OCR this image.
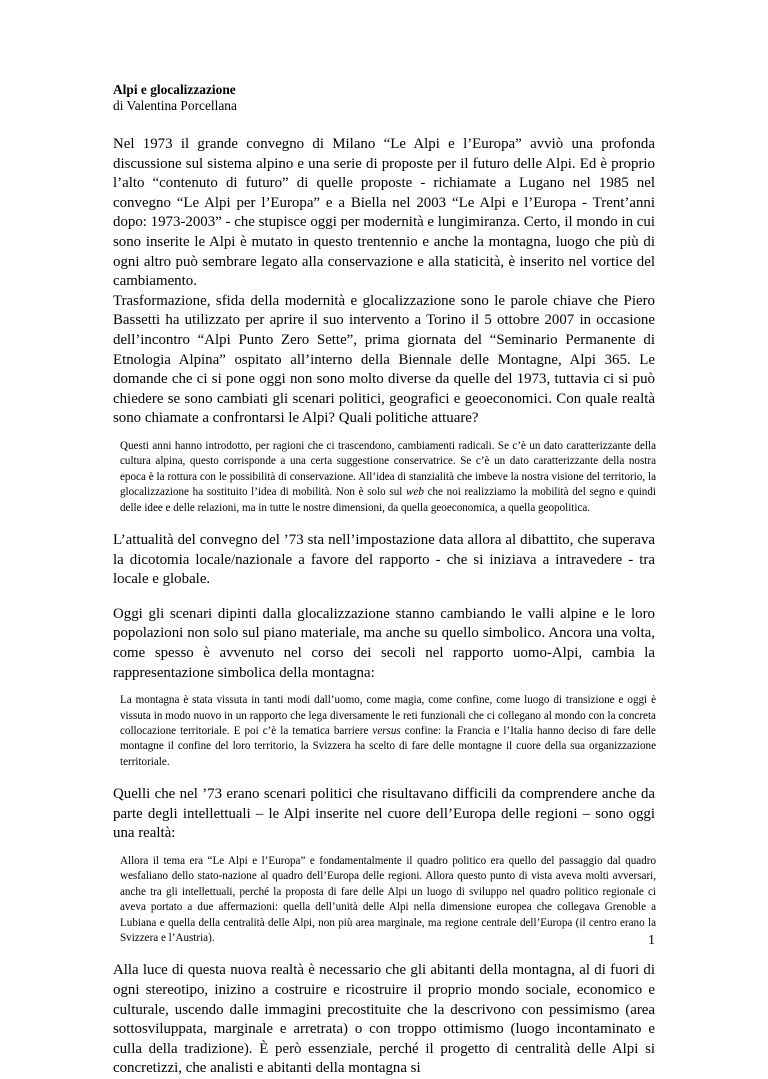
Alpi e glocalizzazione

di Valentina Porcellana

Nel 1973 il grande convegno di Milano “Le Alpi e l’Europa” avviò una profonda discussione sul sistema alpino e una serie di proposte per il futuro delle Alpi. Ed è proprio l’alto “contenuto di futuro” di quelle proposte - richiamate a Lugano nel 1985 nel convegno “Le Alpi per l’Europa” e a Biella nel 2003 “Le Alpi e l’Europa - Trent’anni dopo: 1973-2003” - che stupisce oggi per modernità e lungimiranza. Certo, il mondo in cui sono inserite le Alpi è mutato in questo trentennio e anche la montagna, luogo che più di ogni altro può sembrare legato alla conservazione e alla staticità, è inserito nel vortice del cambiamento.

Trasformazione, sfida della modernità e glocalizzazione sono le parole chiave che Piero Bassetti ha utilizzato per aprire il suo intervento a Torino il 5 ottobre 2007 in occasione dell’incontro “Alpi Punto Zero Sette”, prima giornata del “Seminario Permanente di Etnologia Alpina” ospitato all’interno della Biennale delle Montagne, Alpi 365. Le domande che ci si pone oggi non sono molto diverse da quelle del 1973, tuttavia ci si può chiedere se sono cambiati gli scenari politici, geografici e geoeconomici. Con quale realtà sono chiamate a confrontarsi le Alpi? Quali politiche attuare?

Questi anni hanno introdotto, per ragioni che ci trascendono, cambiamenti radicali. Se c’è un dato caratterizzante della cultura alpina, questo corrisponde a una certa suggestione conservatrice. Se c’è un dato caratterizzante della nostra epoca è la rottura con le possibilità di conservazione. All’idea di stanzialità che imbeve la nostra visione del territorio, la glocalizzazione ha sostituito l’idea di mobilità. Non è solo sul web che noi realizziamo la mobilità del segno e quindi delle idee e delle relazioni, ma in tutte le nostre dimensioni, da quella geoeconomica, a quella geopolitica.

L’attualità del convegno del ’73 sta nell’impostazione data allora al dibattito, che superava la dicotomia locale/nazionale a favore del rapporto - che si iniziava a intravedere - tra locale e globale.

Oggi gli scenari dipinti dalla glocalizzazione stanno cambiando le valli alpine e le loro popolazioni non solo sul piano materiale, ma anche su quello simbolico. Ancora una volta, come spesso è avvenuto nel corso dei secoli nel rapporto uomo-Alpi, cambia la rappresentazione simbolica della montagna:

La montagna è stata vissuta in tanti modi dall’uomo, come magia, come confine, come luogo di transizione e oggi è vissuta in modo nuovo in un rapporto che lega diversamente le reti funzionali che ci collegano al mondo con la concreta collocazione territoriale. E poi c’è la tematica barriere versus confine: la Francia e l’Italia hanno deciso di fare delle montagne il confine del loro territorio, la Svizzera ha scelto di fare delle montagne il cuore della sua organizzazione territoriale.

Quelli che nel ’73 erano scenari politici che risultavano difficili da comprendere anche da parte degli intellettuali – le Alpi inserite nel cuore dell’Europa delle regioni – sono oggi una realtà:

Allora il tema era “Le Alpi e l’Europa” e fondamentalmente il quadro politico era quello del passaggio dal quadro wesfaliano dello stato-nazione al quadro dell’Europa delle regioni. Allora questo punto di vista aveva molti avversari, anche tra gli intellettuali, perché la proposta di fare delle Alpi un luogo di sviluppo nel quadro politico regionale ci aveva portato a due affermazioni: quella dell’unità delle Alpi nella dimensione europea che collegava Grenoble a Lubiana e quella della centralità delle Alpi, non più area marginale, ma regione centrale dell’Europa (il centro erano la Svizzera e l’Austria).

Alla luce di questa nuova realtà è necessario che gli abitanti della montagna, al di fuori di ogni stereotipo, inizino a costruire e ricostruire il proprio mondo sociale, economico e culturale, uscendo dalle immagini precostituite che la descrivono con pessimismo (area sottosviluppata, marginale e arretrata) o con troppo ottimismo (luogo incontaminato e culla della tradizione). È però essenziale, perché il progetto di centralità delle Alpi si concretizzi, che analisti e abitanti della montagna si

1
